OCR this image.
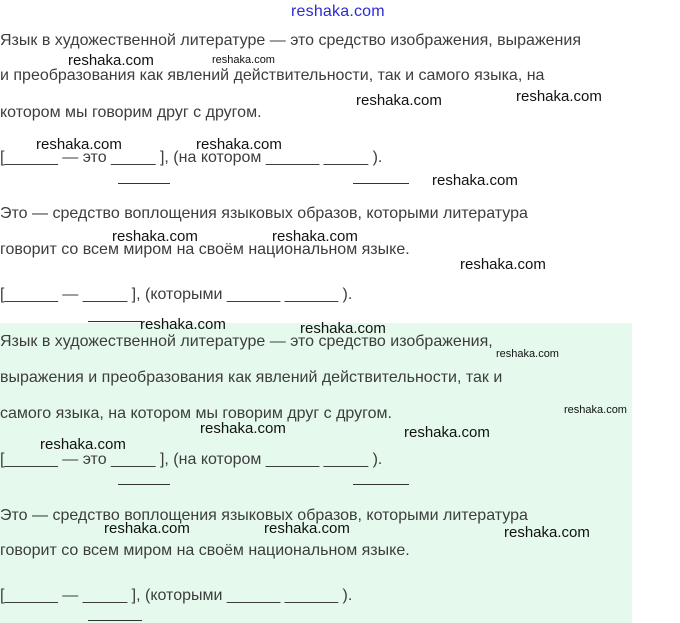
reshaka.com
Язык в художественной литературе — это средство изображения, выражения
и преобразования как явлений действительности, так и самого языка, на
котором мы говорим друг с другом.
[______ — это _____ ], (на котором ______ _____ ).
Это — средство воплощения языковых образов, которыми литература
говорит со всем миром на своём национальном языке.
[______ — _____ ], (которыми ______ ______ ).
Язык в художественной литературе — это средство изображения,
выражения и преобразования как явлений действительности, так и
самого языка, на котором мы говорим друг с другом.
[______ — это _____ ], (на котором ______ _____ ).
Это — средство воплощения языковых образов, которыми литература
говорит со всем миром на своём национальном языке.
[______ — _____ ], (которыми ______ ______ ).
reshaka.com
reshaka.com
reshaka.com	reshaka.com
reshaka.com	reshaka.com
reshaka.com
reshaka.com	reshaka.com
reshaka.com
reshaka.com	reshaka.com
reshaka.com
reshaka.com
reshaka.com
reshaka.com
reshaka.com
reshaka.com	reshaka.com	reshaka.com
